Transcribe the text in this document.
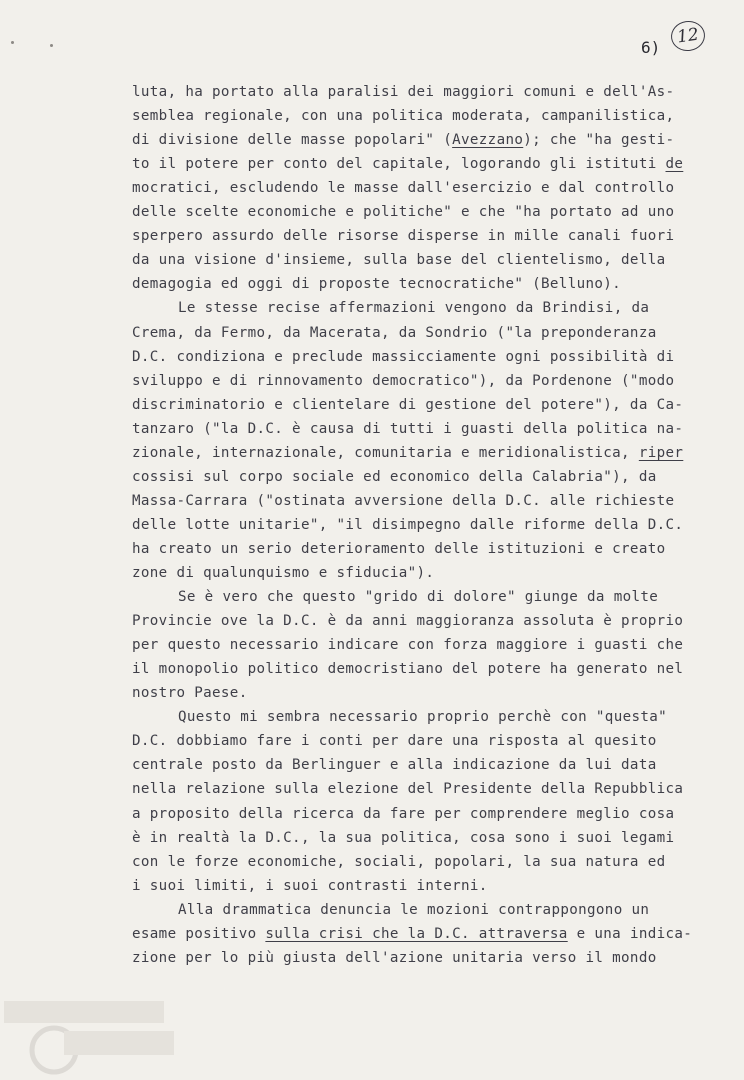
6)
12
luta, ha portato alla paralisi dei maggiori comuni e dell'As-
semblea regionale, con una politica moderata, campanilistica,
di divisione delle masse popolari" (Avezzano); che "ha gesti-
to il potere per conto del capitale, logorando gli istituti de
mocratici, escludendo le masse dall'esercizio e dal controllo
delle scelte economiche e politiche" e che "ha portato ad uno
sperpero assurdo delle risorse disperse in mille canali fuori
da una visione d'insieme, sulla base del clientelismo, della
demagogia ed oggi di proposte tecnocratiche" (Belluno).
Le stesse recise affermazioni vengono da Brindisi, da
Crema, da Fermo, da Macerata, da Sondrio ("la preponderanza
D.C. condiziona e preclude massicciamente ogni possibilità di
sviluppo e di rinnovamento democratico"), da Pordenone ("modo
discriminatorio e clientelare di gestione del potere"), da Ca-
tanzaro ("la D.C. è causa di tutti i guasti della politica na-
zionale, internazionale, comunitaria e meridionalistica, riper
cossisi sul corpo sociale ed economico della Calabria"), da
Massa-Carrara ("ostinata avversione della D.C. alle richieste
delle lotte unitarie", "il disimpegno dalle riforme della D.C.
ha creato un serio deterioramento delle istituzioni e creato
zone di qualunquismo e sfiducia").
Se è vero che questo "grido di dolore" giunge da molte
Provincie ove la D.C. è da anni maggioranza assoluta è proprio
per questo necessario indicare con forza maggiore i guasti che
il monopolio politico democristiano del potere ha generato nel
nostro Paese.
Questo mi sembra necessario proprio perchè con "questa"
D.C. dobbiamo fare i conti per dare una risposta al quesito
centrale posto da Berlinguer e alla indicazione da lui data
nella relazione sulla elezione del Presidente della Repubblica
a proposito della ricerca da fare per comprendere meglio cosa
è in realtà la D.C., la sua politica, cosa sono i suoi legami
con le forze economiche, sociali, popolari, la sua natura ed
i suoi limiti, i suoi contrasti interni.
Alla drammatica denuncia le mozioni contrappongono un
esame positivo sulla crisi che la D.C. attraversa e una indica-
zione per lo più giusta dell'azione unitaria verso il mondo
